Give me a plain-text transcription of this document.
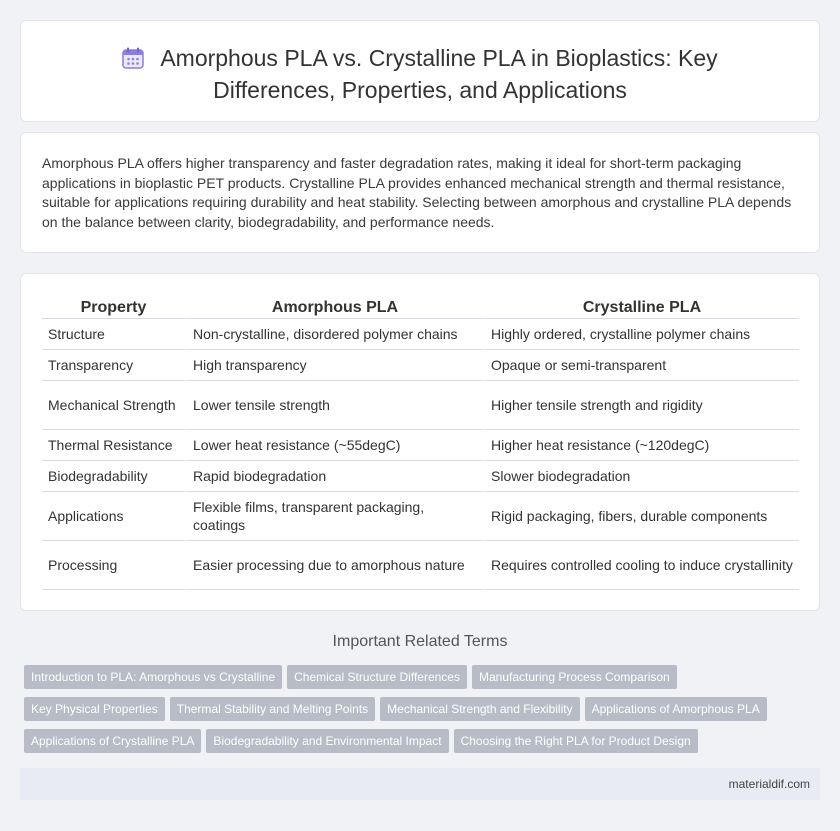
Amorphous PLA vs. Crystalline PLA in Bioplastics: Key
Differences, Properties, and Applications

Amorphous PLA offers higher transparency and faster degradation rates, making it ideal for short-term packaging applications in bioplastic PET products. Crystalline PLA provides enhanced mechanical strength and thermal resistance, suitable for applications requiring durability and heat stability. Selecting between amorphous and crystalline PLA depends on the balance between clarity, biodegradability, and performance needs.

Property	Amorphous PLA	Crystalline PLA
Structure	Non-crystalline, disordered polymer chains	Highly ordered, crystalline polymer chains
Transparency	High transparency	Opaque or semi-transparent
Mechanical Strength	Lower tensile strength	Higher tensile strength and rigidity
Thermal Resistance	Lower heat resistance (~55degC)	Higher heat resistance (~120degC)
Biodegradability	Rapid biodegradation	Slower biodegradation
Applications	Flexible films, transparent packaging, coatings	Rigid packaging, fibers, durable components
Processing	Easier processing due to amorphous nature	Requires controlled cooling to induce crystallinity
Important Related Terms
Introduction to PLA: Amorphous vs Crystalline Chemical Structure Differences Manufacturing Process Comparison
Key Physical Properties Thermal Stability and Melting Points Mechanical Strength and Flexibility Applications of Amorphous PLA
Applications of Crystalline PLA Biodegradability and Environmental Impact Choosing the Right PLA for Product Design
materialdif.com
